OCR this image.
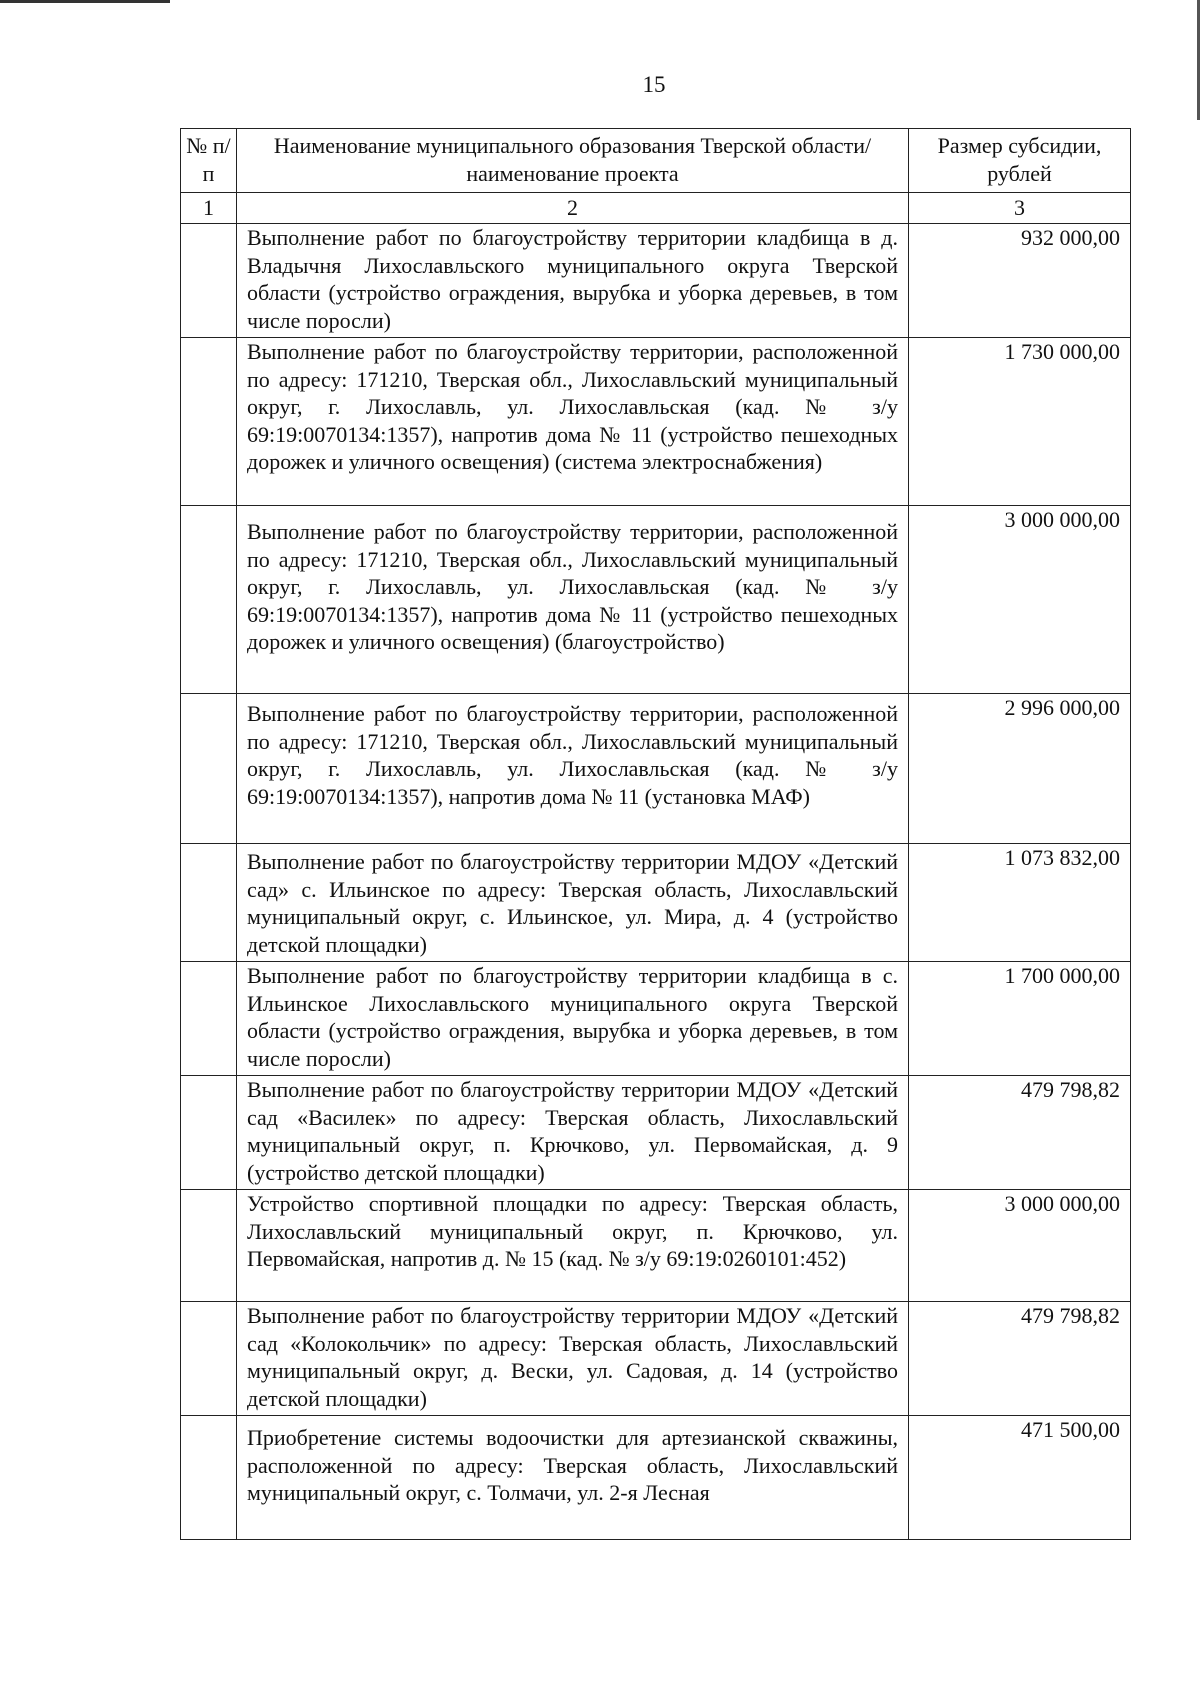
15
№ п/п	Наименование муниципального образования Тверской области/наименование проекта	Размер субсидии, рублей
1	2	3
	Выполнение работ по благоустройству территории кладбища в д. Владычня Лихославльского муниципального округа Тверской области (устройство ограждения, вырубка и уборка деревьев, в том числе поросли)	932 000,00
	Выполнение работ по благоустройству территории, расположенной по адресу: 171210, Тверская обл., Лихославльский муниципальный округ, г. Лихославль, ул. Лихославльская (кад. № з/у 69:19:0070134:1357), напротив дома № 11 (устройство пешеходных дорожек и уличного освещения) (система электроснабжения)	1 730 000,00
	Выполнение работ по благоустройству территории, расположенной по адресу: 171210, Тверская обл., Лихославльский муниципальный округ, г. Лихославль, ул. Лихославльская (кад. № з/у 69:19:0070134:1357), напротив дома № 11 (устройство пешеходных дорожек и уличного освещения) (благоустройство)	3 000 000,00
	Выполнение работ по благоустройству территории, расположенной по адресу: 171210, Тверская обл., Лихославльский муниципальный округ, г. Лихославль, ул. Лихославльская (кад. № з/у 69:19:0070134:1357), напротив дома № 11 (установка МАФ)	2 996 000,00
	Выполнение работ по благоустройству территории МДОУ «Детский сад» с. Ильинское по адресу: Тверская область, Лихославльский муниципальный округ, с. Ильинское, ул. Мира, д. 4 (устройство детской площадки)	1 073 832,00
	Выполнение работ по благоустройству территории кладбища в с. Ильинское Лихославльского муниципального округа Тверской области (устройство ограждения, вырубка и уборка деревьев, в том числе поросли)	1 700 000,00
	Выполнение работ по благоустройству территории МДОУ «Детский сад «Василек» по адресу: Тверская область, Лихославльский муниципальный округ, п. Крючково, ул. Первомайская, д. 9 (устройство детской площадки)	479 798,82
	Устройство спортивной площадки по адресу: Тверская область, Лихославльский муниципальный округ, п. Крючково, ул. Первомайская, напротив д. № 15 (кад. № з/у 69:19:0260101:452)	3 000 000,00
	Выполнение работ по благоустройству территории МДОУ «Детский сад «Колокольчик» по адресу: Тверская область, Лихославльский муниципальный округ, д. Вески, ул. Садовая, д. 14 (устройство детской площадки)	479 798,82
	Приобретение системы водоочистки для артезианской скважины, расположенной по адресу: Тверская область, Лихославльский муниципальный округ, с. Толмачи, ул. 2-я Лесная	471 500,00
